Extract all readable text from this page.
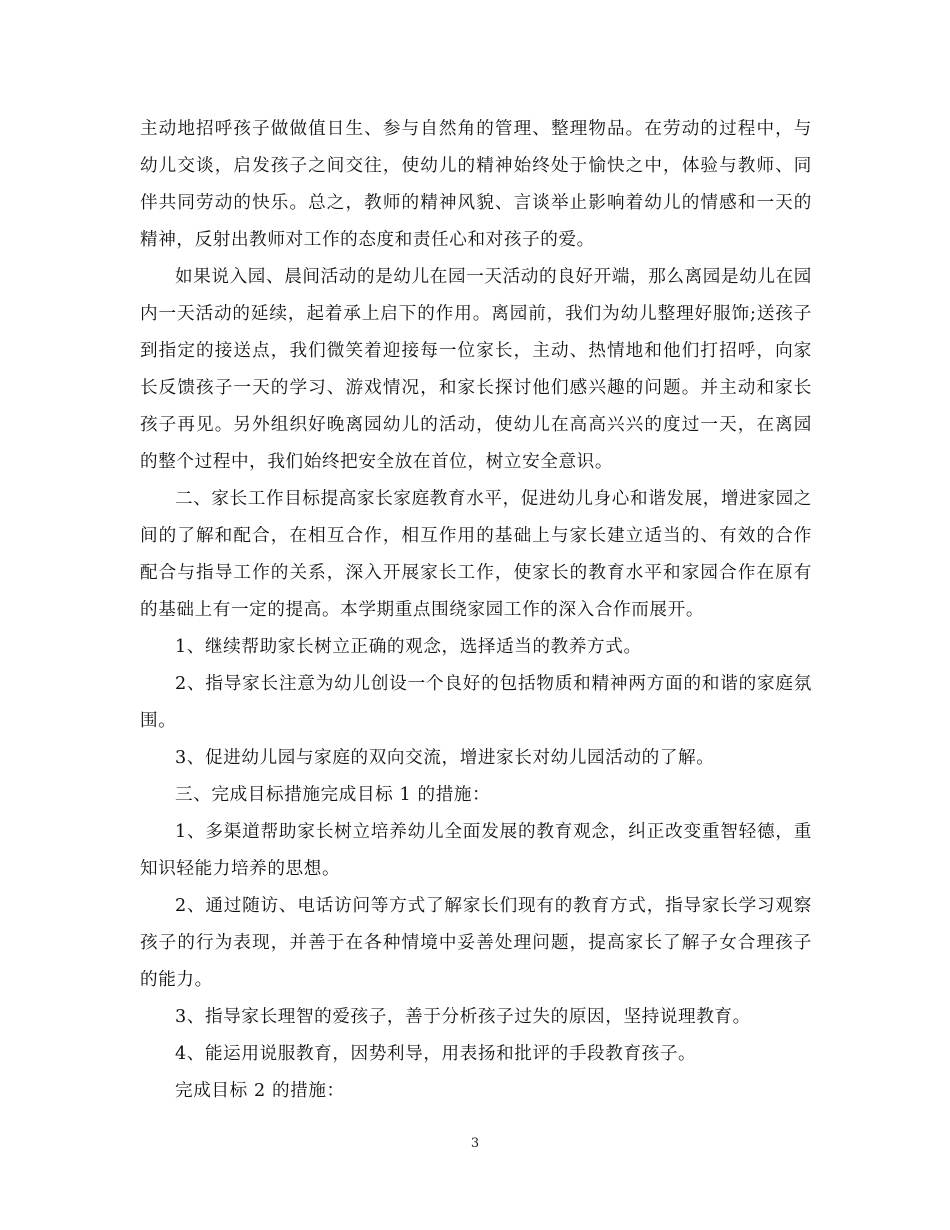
主动地招呼孩子做做值日生、参与自然角的管理、整理物品。在劳动的过程中，与幼儿交谈，启发孩子之间交往，使幼儿的精神始终处于愉快之中，体验与教师、同伴共同劳动的快乐。总之，教师的精神风貌、言谈举止影响着幼儿的情感和一天的精神，反射出教师对工作的态度和责任心和对孩子的爱。

如果说入园、晨间活动的是幼儿在园一天活动的良好开端，那么离园是幼儿在园内一天活动的延续，起着承上启下的作用。离园前，我们为幼儿整理好服饰;送孩子到指定的接送点，我们微笑着迎接每一位家长，主动、热情地和他们打招呼，向家长反馈孩子一天的学习、游戏情况，和家长探讨他们感兴趣的问题。并主动和家长孩子再见。另外组织好晚离园幼儿的活动，使幼儿在高高兴兴的度过一天，在离园的整个过程中，我们始终把安全放在首位，树立安全意识。

二、家长工作目标提高家长家庭教育水平，促进幼儿身心和谐发展，增进家园之间的了解和配合，在相互合作，相互作用的基础上与家长建立适当的、有效的合作配合与指导工作的关系，深入开展家长工作，使家长的教育水平和家园合作在原有的基础上有一定的提高。本学期重点围绕家园工作的深入合作而展开。

1、继续帮助家长树立正确的观念，选择适当的教养方式。

2、指导家长注意为幼儿创设一个良好的包括物质和精神两方面的和谐的家庭氛围。

3、促进幼儿园与家庭的双向交流，增进家长对幼儿园活动的了解。

三、完成目标措施完成目标 1 的措施：

1、多渠道帮助家长树立培养幼儿全面发展的教育观念，纠正改变重智轻德，重知识轻能力培养的思想。

2、通过随访、电话访问等方式了解家长们现有的教育方式，指导家长学习观察孩子的行为表现，并善于在各种情境中妥善处理问题，提高家长了解子女合理孩子的能力。

3、指导家长理智的爱孩子，善于分析孩子过失的原因，坚持说理教育。

4、能运用说服教育，因势利导，用表扬和批评的手段教育孩子。

完成目标 2 的措施：

3
